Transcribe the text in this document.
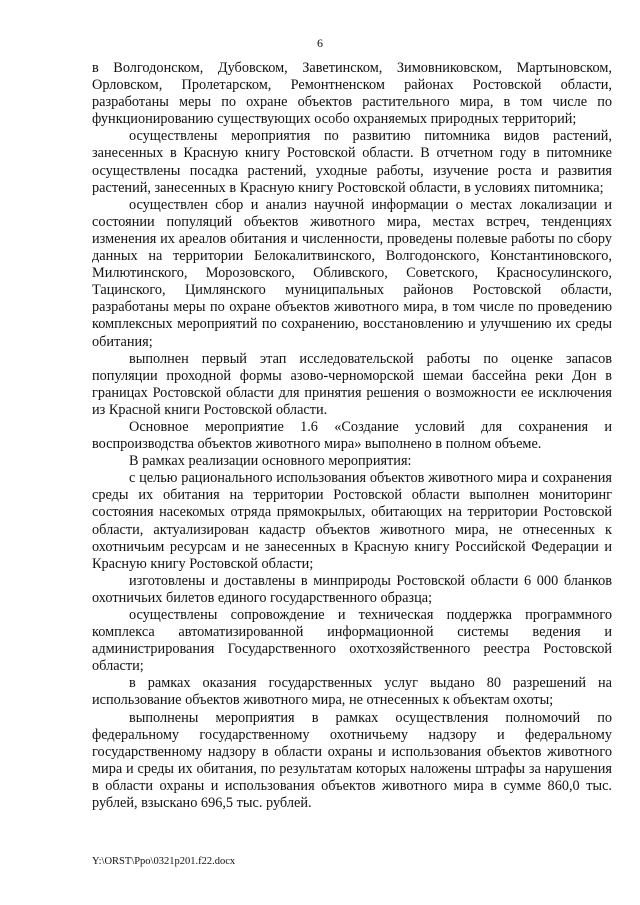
6

в Волгодонском, Дубовском, Заветинском, Зимовниковском, Мартыновском, Орловском, Пролетарском, Ремонтненском районах Ростовской области, разработаны меры по охране объектов растительного мира, в том числе по функционированию существующих особо охраняемых природных территорий;

осуществлены мероприятия по развитию питомника видов растений, занесенных в Красную книгу Ростовской области. В отчетном году в питомнике осуществлены посадка растений, уходные работы, изучение роста и развития растений, занесенных в Красную книгу Ростовской области, в условиях питомника;

осуществлен сбор и анализ научной информации о местах локализации и состоянии популяций объектов животного мира, местах встреч, тенденциях изменения их ареалов обитания и численности, проведены полевые работы по сбору данных на территории Белокалитвинского, Волгодонского, Константиновского, Милютинского, Морозовского, Обливского, Советского, Красносулинского, Тацинского, Цимлянского муниципальных районов Ростовской области, разработаны меры по охране объектов животного мира, в том числе по проведению комплексных мероприятий по сохранению, восстановлению и улучшению их среды обитания;

выполнен первый этап исследовательской работы по оценке запасов популяции проходной формы азово-черноморской шемаи бассейна реки Дон в границах Ростовской области для принятия решения о возможности ее исключения из Красной книги Ростовской области.

Основное мероприятие 1.6 «Создание условий для сохранения и воспроизводства объектов животного мира» выполнено в полном объеме.

В рамках реализации основного мероприятия:

с целью рационального использования объектов животного мира и сохранения среды их обитания на территории Ростовской области выполнен мониторинг состояния насекомых отряда прямокрылых, обитающих на территории Ростовской области, актуализирован кадастр объектов животного мира, не отнесенных к охотничьим ресурсам и не занесенных в Красную книгу Российской Федерации и Красную книгу Ростовской области;

изготовлены и доставлены в минприроды Ростовской области 6 000 бланков охотничьих билетов единого государственного образца;

осуществлены сопровождение и техническая поддержка программного комплекса автоматизированной информационной системы ведения и администрирования Государственного охотхозяйственного реестра Ростовской области;

в рамках оказания государственных услуг выдано 80 разрешений на использование объектов животного мира, не отнесенных к объектам охоты;

выполнены мероприятия в рамках осуществления полномочий по федеральному государственному охотничьему надзору и федеральному государственному надзору в области охраны и использования объектов животного мира и среды их обитания, по результатам которых наложены штрафы за нарушения в области охраны и использования объектов животного мира в сумме 860,0 тыс. рублей, взыскано 696,5 тыс. рублей.

Y:\ORST\Ppo\0321p201.f22.docx
